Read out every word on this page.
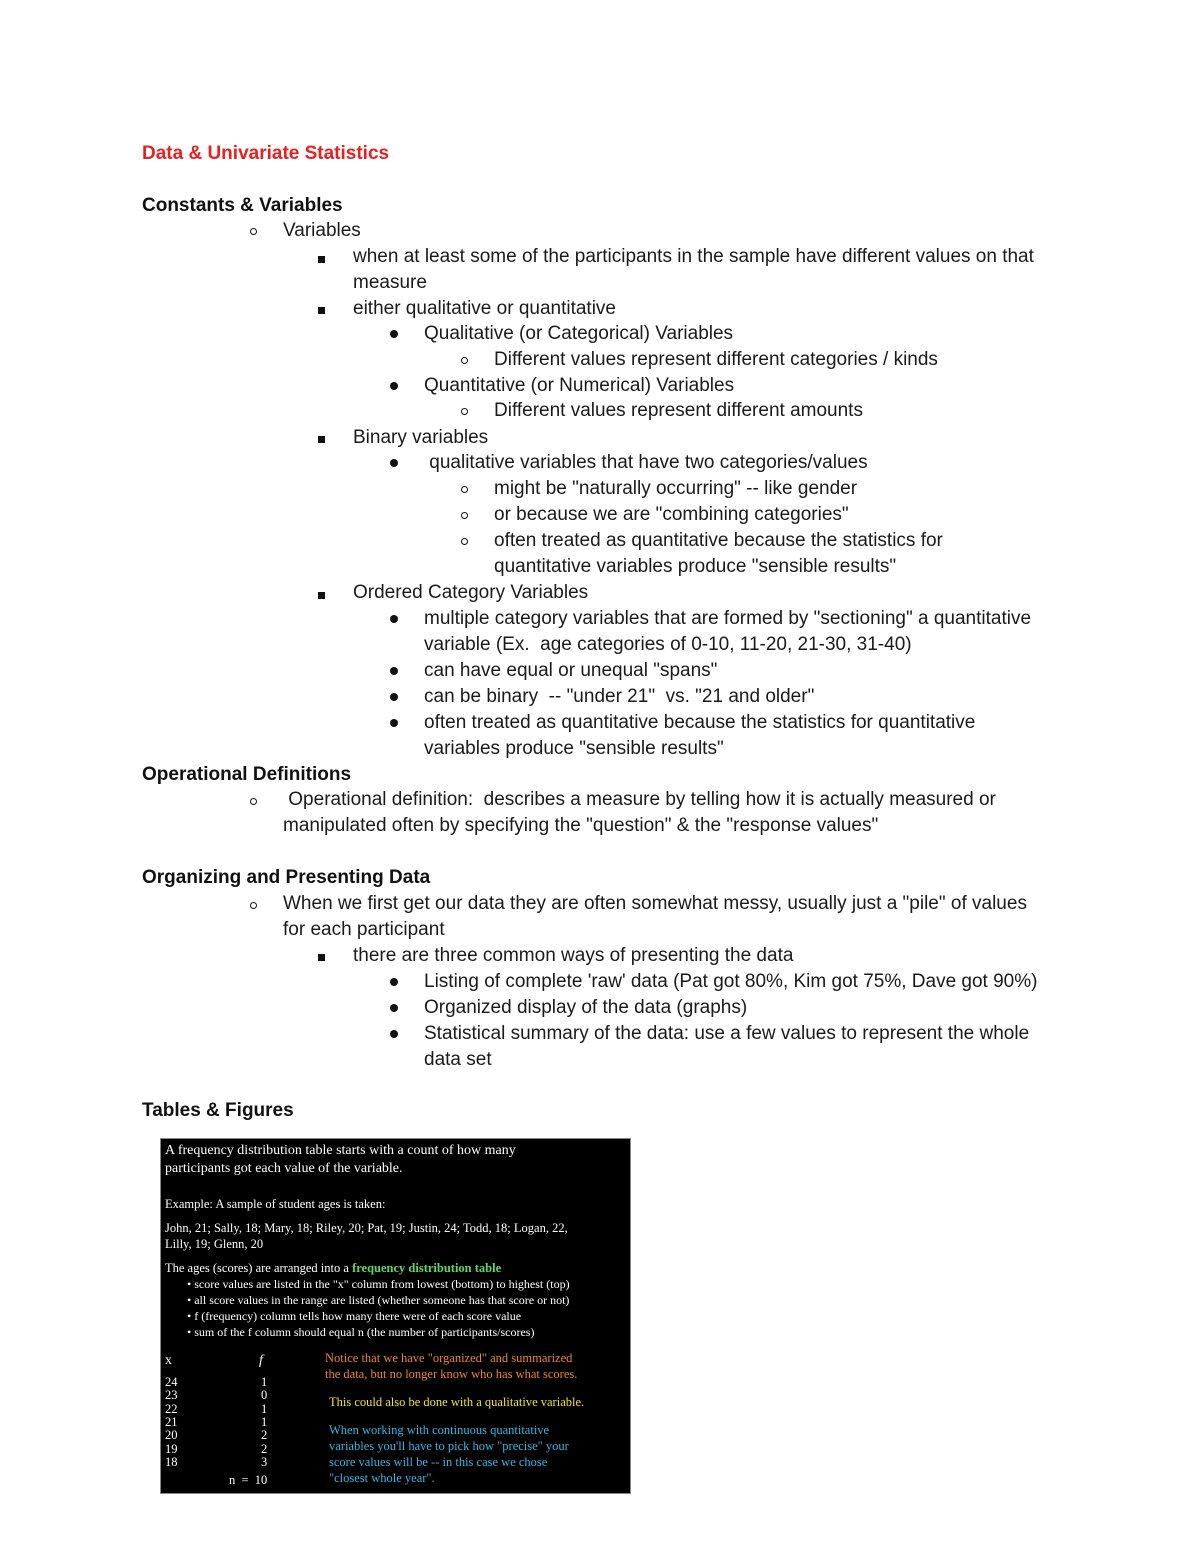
Data & Univariate Statistics
Constants & Variables
Variables
when at least some of the participants in the sample have different values on that
measure
either qualitative or quantitative
Qualitative (or Categorical) Variables
Different values represent different categories / kinds
Quantitative (or Numerical) Variables
Different values represent different amounts
Binary variables
qualitative variables that have two categories/values
might be "naturally occurring" -- like gender
or because we are "combining categories"
often treated as quantitative because the statistics for
quantitative variables produce "sensible results"
Ordered Category Variables
multiple category variables that are formed by "sectioning" a quantitative
variable (Ex.  age categories of 0-10, 11-20, 21-30, 31-40)
can have equal or unequal "spans"
can be binary  -- "under 21"  vs. "21 and older"
often treated as quantitative because the statistics for quantitative
variables produce "sensible results"
Operational Definitions
Operational definition:  describes a measure by telling how it is actually measured or
manipulated often by specifying the "question" & the "response values"
Organizing and Presenting Data
When we first get our data they are often somewhat messy, usually just a "pile" of values
for each participant
there are three common ways of presenting the data
Listing of complete 'raw' data (Pat got 80%, Kim got 75%, Dave got 90%)
Organized display of the data (graphs)
Statistical summary of the data: use a few values to represent the whole
data set
Tables & Figures
A frequency distribution table starts with a count of how many
participants got each value of the variable.
Example: A sample of student ages is taken:
John, 21; Sally, 18; Mary, 18; Riley, 20; Pat, 19; Justin, 24; Todd, 18; Logan, 22,
Lilly, 19; Glenn, 20
The ages (scores) are arranged into a frequency distribution table
• score values are listed in the "x" column from lowest (bottom) to highest (top)
• all score values in the range are listed (whether someone has that score or not)
• f (frequency) column tells how many there were of each score value
• sum of the f column should equal n (the number of participants/scores)
x	f
24	1
23	0
22	1
21	1
20	2
19	2
18	3
n  =  10
Notice that we have "organized" and summarized
the data, but no longer know who has what scores.
This could also be done with a qualitative variable.
When working with continuous quantitative
variables you'll have to pick how "precise" your
score values will be -- in this case we chose
"closest whole year".
